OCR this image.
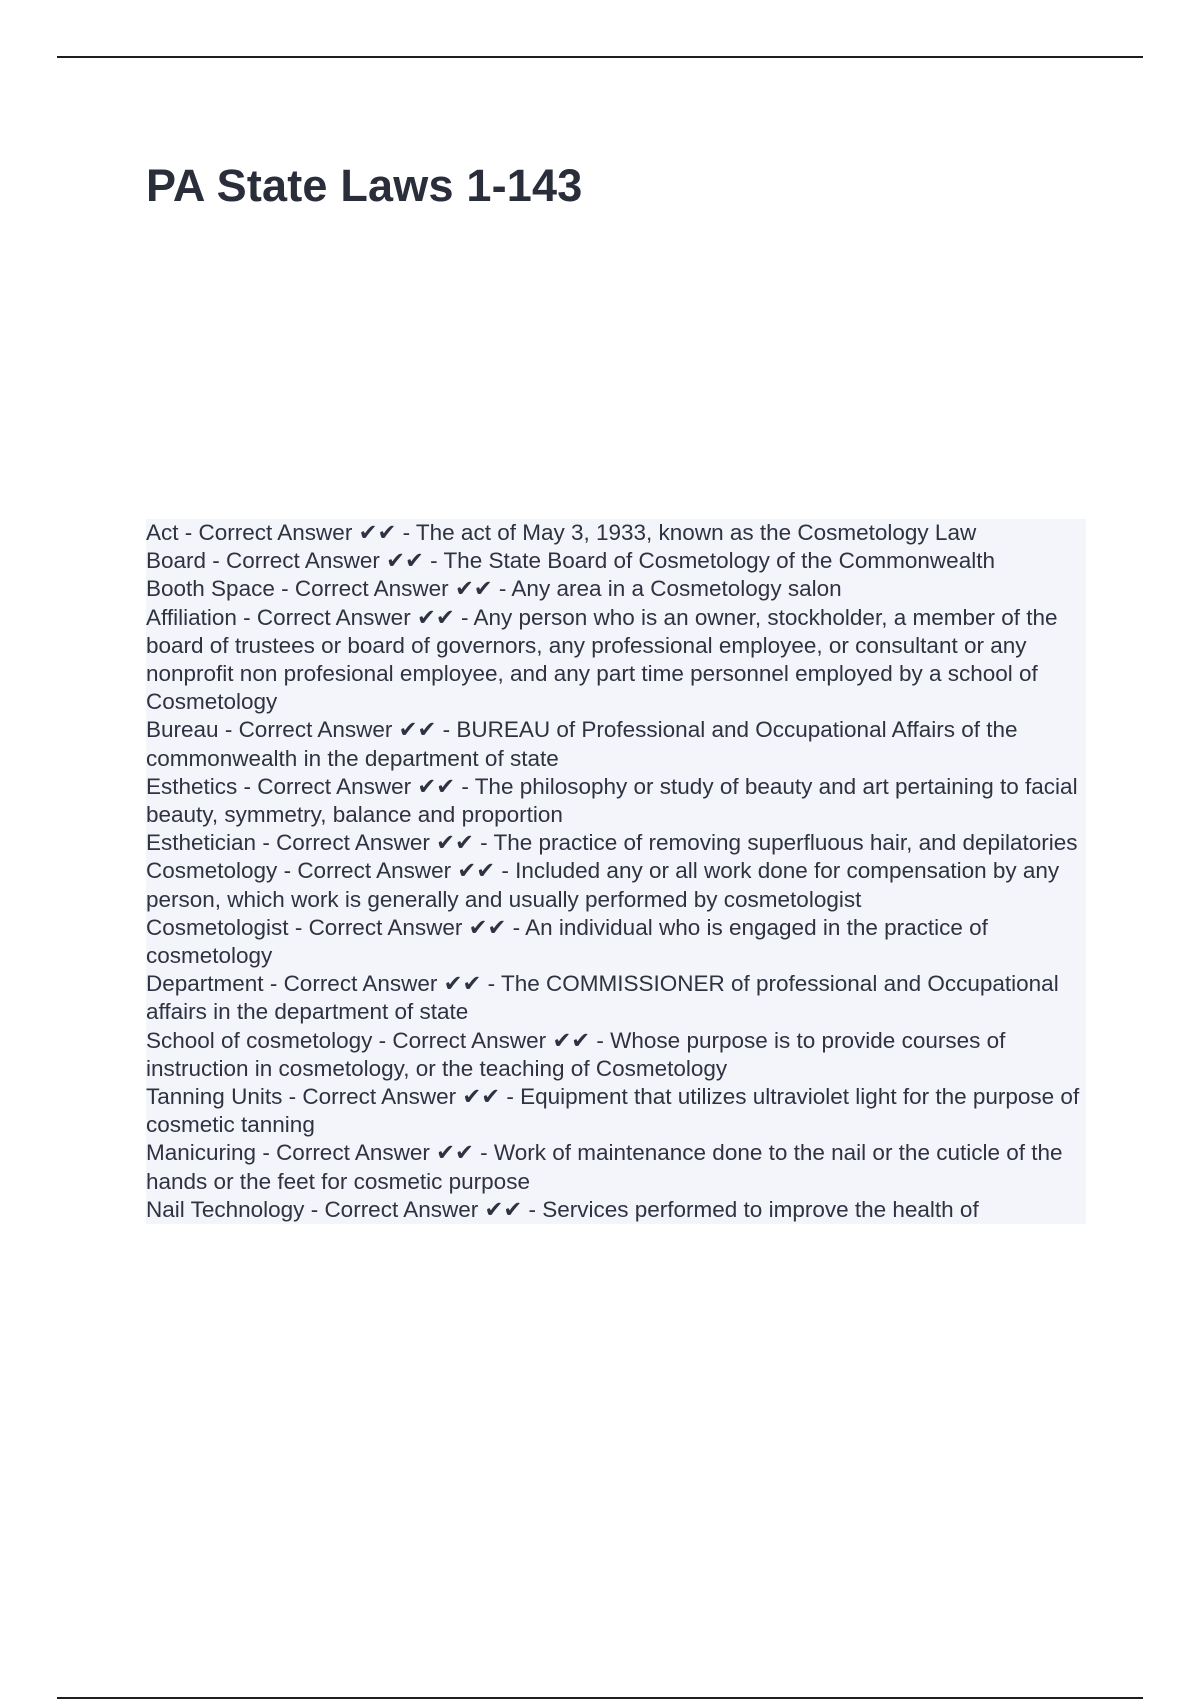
PA State Laws 1-143

Act - Correct Answer ✔✔ - The act of May 3, 1933, known as the Cosmetology Law

Board - Correct Answer ✔✔ - The State Board of Cosmetology of the Commonwealth

Booth Space - Correct Answer ✔✔ - Any area in a Cosmetology salon

Affiliation - Correct Answer ✔✔ - Any person who is an owner, stockholder, a member of the board of trustees or board of governors, any professional employee, or consultant or any nonprofit non profesional employee, and any part time personnel employed by a school of Cosmetology

Bureau - Correct Answer ✔✔ - BUREAU of Professional and Occupational Affairs of the commonwealth in the department of state

Esthetics - Correct Answer ✔✔ - The philosophy or study of beauty and art pertaining to facial beauty, symmetry, balance and proportion

Esthetician - Correct Answer ✔✔ - The practice of removing superfluous hair, and depilatories

Cosmetology - Correct Answer ✔✔ - Included any or all work done for compensation by any person, which work is generally and usually performed by cosmetologist

Cosmetologist - Correct Answer ✔✔ - An individual who is engaged in the practice of cosmetology

Department - Correct Answer ✔✔ - The COMMISSIONER of professional and Occupational affairs in the department of state

School of cosmetology - Correct Answer ✔✔ - Whose purpose is to provide courses of instruction in cosmetology, or the teaching of Cosmetology

Tanning Units - Correct Answer ✔✔ - Equipment that utilizes ultraviolet light for the purpose of cosmetic tanning

Manicuring - Correct Answer ✔✔ - Work of maintenance done to the nail or the cuticle of the hands or the feet for cosmetic purpose

Nail Technology - Correct Answer ✔✔ - Services performed to improve the health of
